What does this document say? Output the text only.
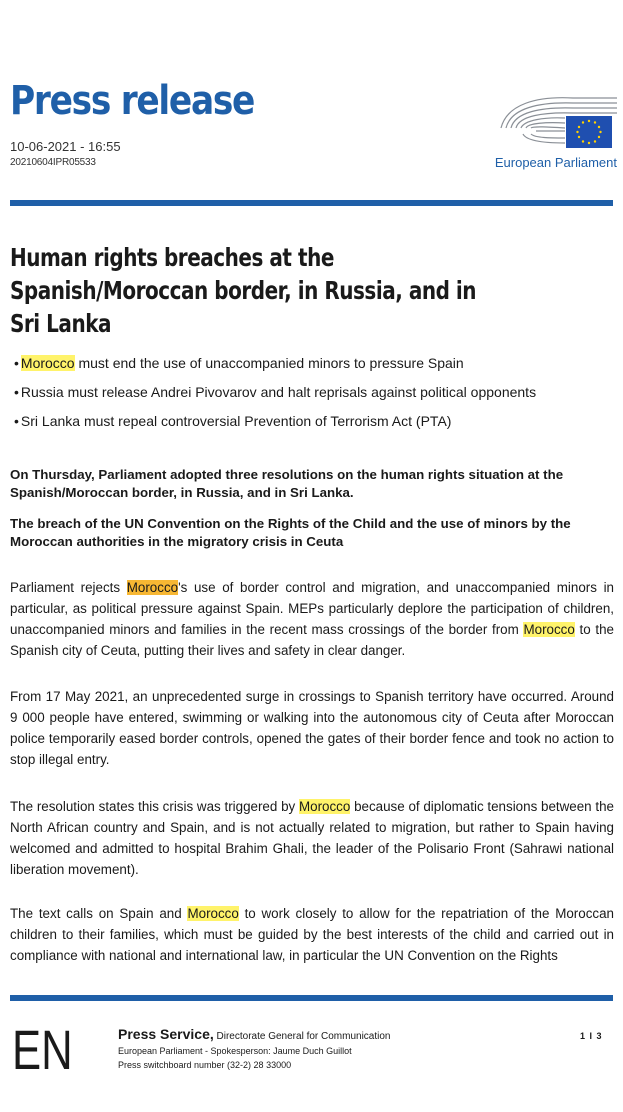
Press release
10-06-2021 - 16:55
20210604IPR05533	European Parliament
Human rights breaches at the Spanish/Moroccan border, in Russia, and in Sri Lanka
• Morocco must end the use of unaccompanied minors to pressure Spain
• Russia must release Andrei Pivovarov and halt reprisals against political opponents
• Sri Lanka must repeal controversial Prevention of Terrorism Act (PTA)
On Thursday, Parliament adopted three resolutions on the human rights situation at the Spanish/Moroccan border, in Russia, and in Sri Lanka.
The breach of the UN Convention on the Rights of the Child and the use of minors by the Moroccan authorities in the migratory crisis in Ceuta
Parliament rejects Morocco's use of border control and migration, and unaccompanied minors in particular, as political pressure against Spain. MEPs particularly deplore the participation of children, unaccompanied minors and families in the recent mass crossings of the border from Morocco to the Spanish city of Ceuta, putting their lives and safety in clear danger.
From 17 May 2021, an unprecedented surge in crossings to Spanish territory have occurred. Around 9 000 people have entered, swimming or walking into the autonomous city of Ceuta after Moroccan police temporarily eased border controls, opened the gates of their border fence and took no action to stop illegal entry.
The resolution states this crisis was triggered by Morocco because of diplomatic tensions between the North African country and Spain, and is not actually related to migration, but rather to Spain having welcomed and admitted to hospital Brahim Ghali, the leader of the Polisario Front (Sahrawi national liberation movement).
The text calls on Spain and Morocco to work closely to allow for the repatriation of the Moroccan children to their families, which must be guided by the best interests of the child and carried out in compliance with national and international law, in particular the UN Convention on the Rights
EN	Press Service, Directorate General for Communication
European Parliament - Spokesperson: Jaume Duch Guillot
Press switchboard number (32-2) 28 33000
1 I 3
